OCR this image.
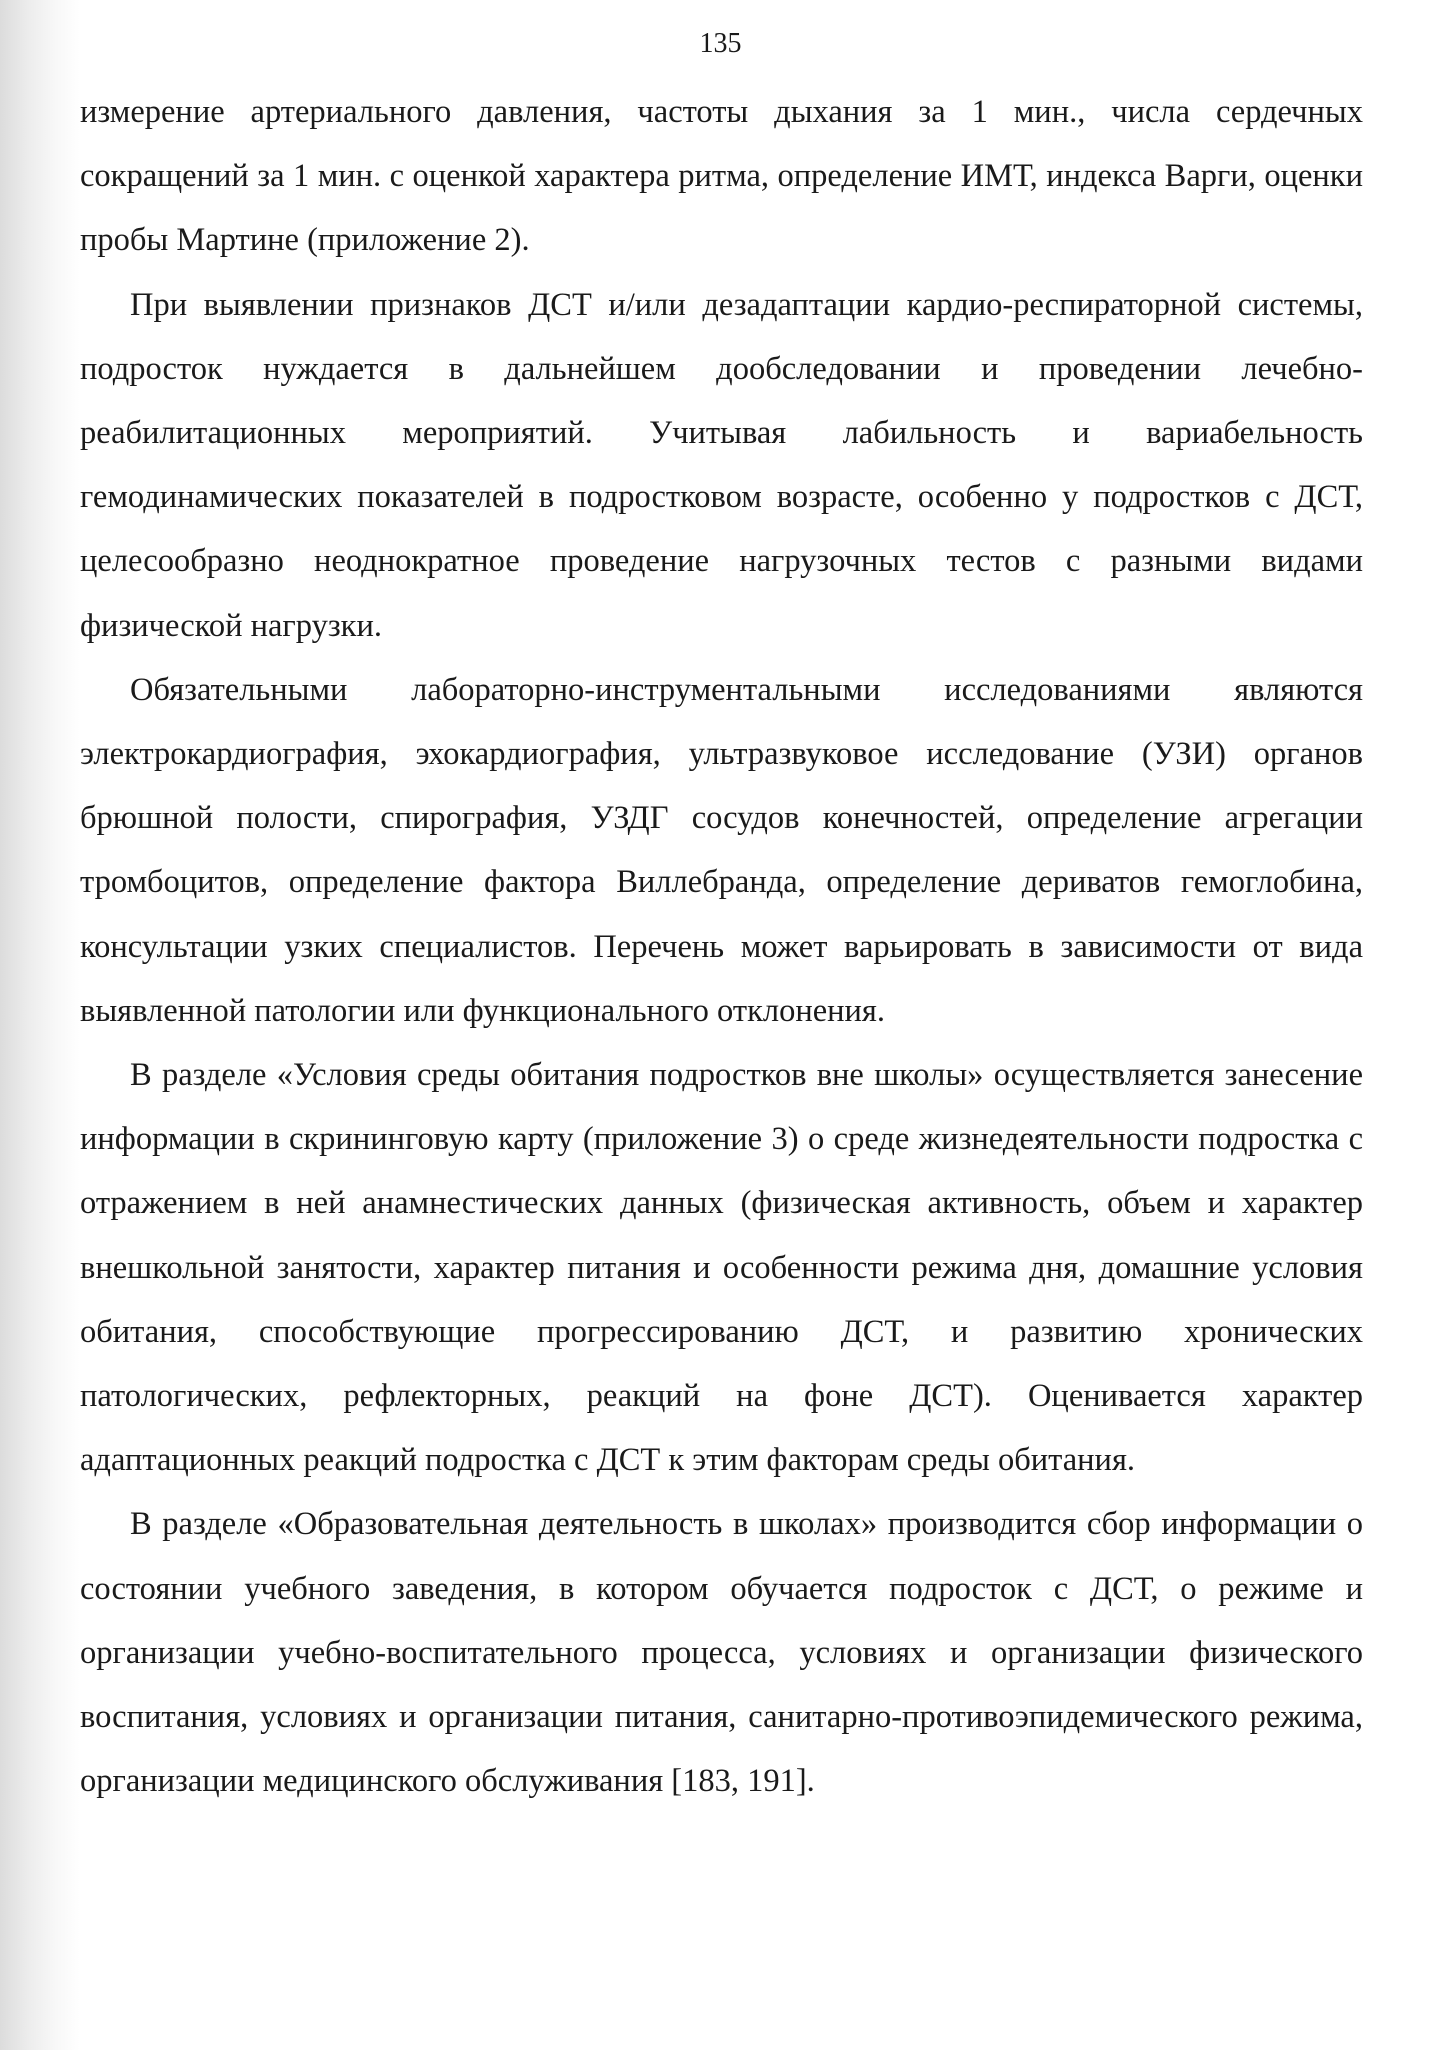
135

измерение артериального давления, частоты дыхания за 1 мин., числа сердечных сокращений за 1 мин. с оценкой характера ритма, определение ИМТ, индекса Варги, оценки пробы Мартине (приложение 2).

При выявлении признаков ДСТ и/или дезадаптации кардио-респираторной системы, подросток нуждается в дальнейшем дообследовании и проведении лечебно-реабилитационных мероприятий. Учитывая лабильность и вариабельность гемодинамических показателей в подростковом возрасте, особенно у подростков с ДСТ, целесообразно неоднократное проведение нагрузочных тестов с разными видами физической нагрузки.

Обязательными лабораторно-инструментальными исследованиями являются электрокардиография, эхокардиография, ультразвуковое исследование (УЗИ) органов брюшной полости, спирография, УЗДГ сосудов конечностей, определение агрегации тромбоцитов, определение фактора Виллебранда, определение дериватов гемоглобина, консультации узких специалистов. Перечень может варьировать в зависимости от вида выявленной патологии или функционального отклонения.

В разделе «Условия среды обитания подростков вне школы» осуществляется занесение информации в скрининговую карту (приложение 3) о среде жизнедеятельности подростка с отражением в ней анамнестических данных (физическая активность, объем и характер внешкольной занятости, характер питания и особенности режима дня, домашние условия обитания, способствующие прогрессированию ДСТ, и развитию хронических патологических, рефлекторных, реакций на фоне ДСТ). Оценивается характер адаптационных реакций подростка с ДСТ к этим факторам среды обитания.

В разделе «Образовательная деятельность в школах» производится сбор информации о состоянии учебного заведения, в котором обучается подросток с ДСТ, о режиме и организации учебно-воспитательного процесса, условиях и организации физического воспитания, условиях и организации питания, санитарно-противоэпидемического режима, организации медицинского обслуживания [183, 191].
